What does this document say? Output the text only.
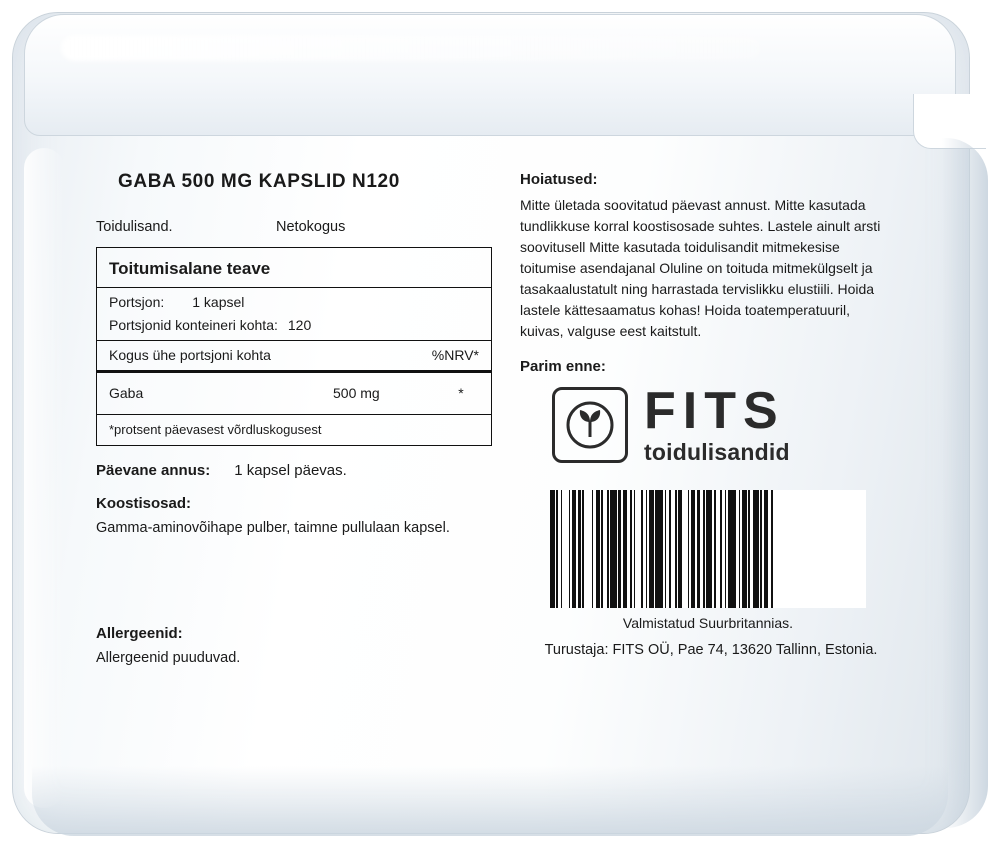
GABA 500 MG KAPSLID N120
Toidulisand.	Netokogus
Toitumisalane teave
Portsjon: 1 kapsel
Portsjonid konteineri kohta: 120
Kogus ühe portsjoni kohta	%NRV*
Gaba	500 mg	*
*protsent päevasest võrdluskogusest
Päevane annus: 1 kapsel päevas.
Koostisosad:
Gamma-aminovõihape pulber, taimne pullulaan kapsel.
Allergeenid:
Allergeenid puuduvad.
Hoiatused:
Mitte ületada soovitatud päevast annust. Mitte kasutada tundlikkuse korral koostisosade suhtes. Lastele ainult arsti soovitusell Mitte kasutada toidulisandit mitmekesise toitumise asendajanal Oluline on toituda mitmekülgselt ja tasakaalustatult ning harrastada tervislikku elustiili. Hoida lastele kättesaamatus kohas! Hoida toatemperatuuril, kuivas, valguse eest kaitstult.
Parim enne:
FITS
toidulisandid
Valmistatud Suurbritannias.
Turustaja: FITS OÜ, Pae 74, 13620 Tallinn, Estonia.
